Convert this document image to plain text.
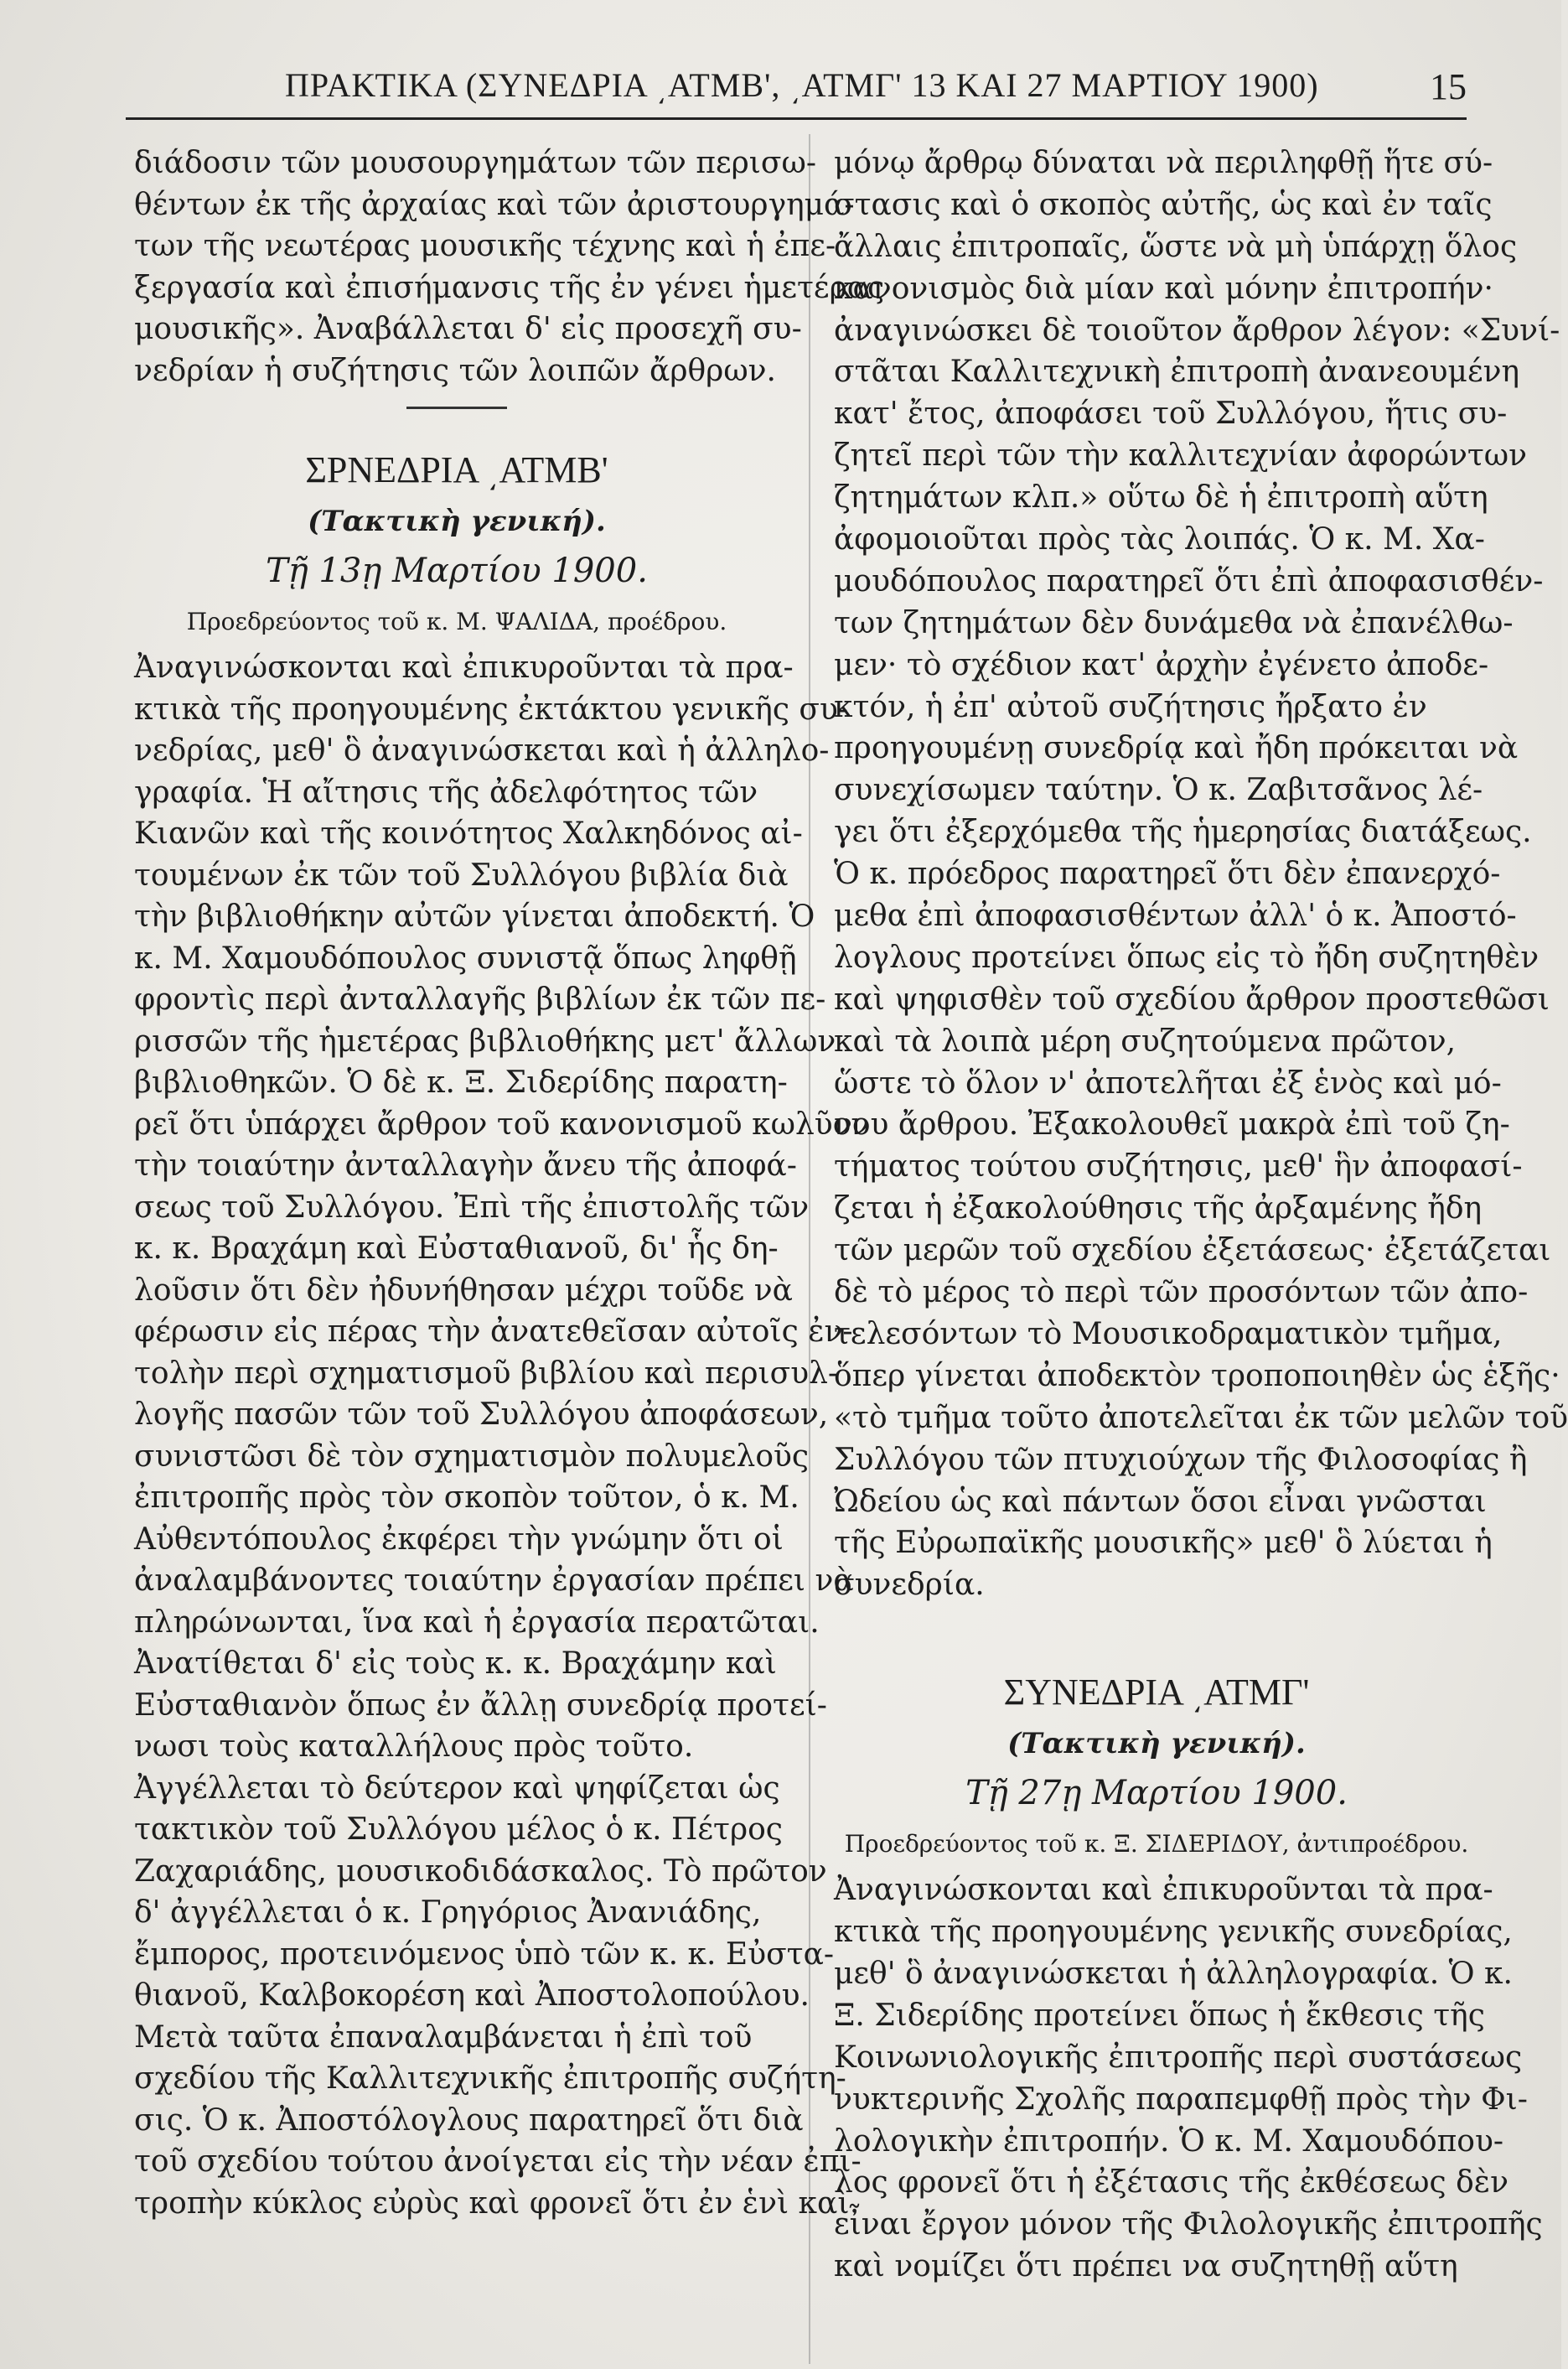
ΠΡΑΚΤΙΚΑ (ΣΥΝΕΔΡΙΑ ͵ΑΤΜΒ', ͵ΑΤΜΓ' 13 ΚΑΙ 27 ΜΑΡΤΙΟΥ 1900)	15
διάδοσιν τῶν μουσουργημάτων τῶν περισω-
θέντων ἐκ τῆς ἀρχαίας καὶ τῶν ἀριστουργημά-
των τῆς νεωτέρας μουσικῆς τέχνης καὶ ἡ ἐπε-
ξεργασία καὶ ἐπισήμανσις τῆς ἐν γένει ἡμετέρας
μουσικῆς». Ἀναβάλλεται δ' εἰς προσεχῆ συ-
νεδρίαν ἡ συζήτησις τῶν λοιπῶν ἄρθρων.
ΣΡΝΕΔΡΙΑ ͵ΑΤΜΒ'
(Τακτικὴ γενική).
Τῇ 13ῃ Μαρτίου 1900.
Προεδρεύοντος τοῦ κ. Μ. ΨΑΛΙΔΑ, προέδρου.
Ἀναγινώσκονται καὶ ἐπικυροῦνται τὰ πρα-
κτικὰ τῆς προηγουμένης ἐκτάκτου γενικῆς συ-
νεδρίας, μεθ' ὃ ἀναγινώσκεται καὶ ἡ ἀλληλο-
γραφία. Ἡ αἴτησις τῆς ἀδελφότητος τῶν
Κιανῶν καὶ τῆς κοινότητος Χαλκηδόνος αἰ-
τουμένων ἐκ τῶν τοῦ Συλλόγου βιβλία διὰ
τὴν βιβλιοθήκην αὐτῶν γίνεται ἀποδεκτή. Ὁ
κ. Μ. Χαμουδόπουλος συνιστᾷ ὅπως ληφθῇ
φροντὶς περὶ ἀνταλλαγῆς βιβλίων ἐκ τῶν πε-
ρισσῶν τῆς ἡμετέρας βιβλιοθήκης μετ' ἄλλων
βιβλιοθηκῶν. Ὁ δὲ κ. Ξ. Σιδερίδης παρατη-
ρεῖ ὅτι ὑπάρχει ἄρθρον τοῦ κανονισμοῦ κωλῦον
τὴν τοιαύτην ἀνταλλαγὴν ἄνευ τῆς ἀποφά-
σεως τοῦ Συλλόγου. Ἐπὶ τῆς ἐπιστολῆς τῶν
κ. κ. Βραχάμη καὶ Εὐσταθιανοῦ, δι' ἧς δη-
λοῦσιν ὅτι δὲν ἠδυνήθησαν μέχρι τοῦδε νὰ
φέρωσιν εἰς πέρας τὴν ἀνατεθεῖσαν αὐτοῖς ἐν-
τολὴν περὶ σχηματισμοῦ βιβλίου καὶ περισυλ-
λογῆς πασῶν τῶν τοῦ Συλλόγου ἀποφάσεων,
συνιστῶσι δὲ τὸν σχηματισμὸν πολυμελοῦς
ἐπιτροπῆς πρὸς τὸν σκοπὸν τοῦτον, ὁ κ. Μ.
Αὐθεντόπουλος ἐκφέρει τὴν γνώμην ὅτι οἱ
ἀναλαμβάνοντες τοιαύτην ἐργασίαν πρέπει νὰ
πληρώνωνται, ἵνα καὶ ἡ ἐργασία περατῶται.
Ἀνατίθεται δ' εἰς τοὺς κ. κ. Βραχάμην καὶ
Εὐσταθιανὸν ὅπως ἐν ἄλλῃ συνεδρίᾳ προτεί-
νωσι τοὺς καταλλήλους πρὸς τοῦτο.
Ἀγγέλλεται τὸ δεύτερον καὶ ψηφίζεται ὡς
τακτικὸν τοῦ Συλλόγου μέλος ὁ κ. Πέτρος
Ζαχαριάδης, μουσικοδιδάσκαλος. Τὸ πρῶτον
δ' ἀγγέλλεται ὁ κ. Γρηγόριος Ἀνανιάδης,
ἔμπορος, προτεινόμενος ὑπὸ τῶν κ. κ. Εὐστα-
θιανοῦ, Καλβοκορέση καὶ Ἀποστολοπούλου.
Μετὰ ταῦτα ἐπαναλαμβάνεται ἡ ἐπὶ τοῦ
σχεδίου τῆς Καλλιτεχνικῆς ἐπιτροπῆς συζήτη-
σις. Ὁ κ. Ἀποστόλογλους παρατηρεῖ ὅτι διὰ
τοῦ σχεδίου τούτου ἀνοίγεται εἰς τὴν νέαν ἐπι-
τροπὴν κύκλος εὐρὺς καὶ φρονεῖ ὅτι ἐν ἑνὶ καὶ
μόνῳ ἄρθρῳ δύναται νὰ περιληφθῇ ἥτε σύ-
στασις καὶ ὁ σκοπὸς αὐτῆς, ὡς καὶ ἐν ταῖς
ἄλλαις ἐπιτροπαῖς, ὥστε νὰ μὴ ὑπάρχῃ ὅλος
κανονισμὸς διὰ μίαν καὶ μόνην ἐπιτροπήν·
ἀναγινώσκει δὲ τοιοῦτον ἄρθρον λέγον: «Συνί-
στᾶται Καλλιτεχνικὴ ἐπιτροπὴ ἀνανεουμένη
κατ' ἔτος, ἀποφάσει τοῦ Συλλόγου, ἥτις συ-
ζητεῖ περὶ τῶν τὴν καλλιτεχνίαν ἀφορώντων
ζητημάτων κλπ.» οὕτω δὲ ἡ ἐπιτροπὴ αὕτη
ἀφομοιοῦται πρὸς τὰς λοιπάς. Ὁ κ. Μ. Χα-
μουδόπουλος παρατηρεῖ ὅτι ἐπὶ ἀποφασισθέν-
των ζητημάτων δὲν δυνάμεθα νὰ ἐπανέλθω-
μεν· τὸ σχέδιον κατ' ἀρχὴν ἐγένετο ἀποδε-
κτόν, ἡ ἐπ' αὐτοῦ συζήτησις ἤρξατο ἐν
προηγουμένῃ συνεδρίᾳ καὶ ἤδη πρόκειται νὰ
συνεχίσωμεν ταύτην. Ὁ κ. Ζαβιτσᾶνος λέ-
γει ὅτι ἐξερχόμεθα τῆς ἡμερησίας διατάξεως.
Ὁ κ. πρόεδρος παρατηρεῖ ὅτι δὲν ἐπανερχό-
μεθα ἐπὶ ἀποφασισθέντων ἀλλ' ὁ κ. Ἀποστό-
λογλους προτείνει ὅπως εἰς τὸ ἤδη συζητηθὲν
καὶ ψηφισθὲν τοῦ σχεδίου ἄρθρον προστεθῶσι
καὶ τὰ λοιπὰ μέρη συζητούμενα πρῶτον,
ὥστε τὸ ὅλον ν' ἀποτελῆται ἐξ ἑνὸς καὶ μό-
νου ἄρθρου. Ἐξακολουθεῖ μακρὰ ἐπὶ τοῦ ζη-
τήματος τούτου συζήτησις, μεθ' ἣν ἀποφασί-
ζεται ἡ ἐξακολούθησις τῆς ἀρξαμένης ἤδη
τῶν μερῶν τοῦ σχεδίου ἐξετάσεως· ἐξετάζεται
δὲ τὸ μέρος τὸ περὶ τῶν προσόντων τῶν ἀπο-
τελεσόντων τὸ Μουσικοδραματικὸν τμῆμα,
ὅπερ γίνεται ἀποδεκτὸν τροποποιηθὲν ὡς ἑξῆς·
«τὸ τμῆμα τοῦτο ἀποτελεῖται ἐκ τῶν μελῶν τοῦ
Συλλόγου τῶν πτυχιούχων τῆς Φιλοσοφίας ἢ
Ὠδείου ὡς καὶ πάντων ὅσοι εἶναι γνῶσται
τῆς Εὐρωπαϊκῆς μουσικῆς» μεθ' ὃ λύεται ἡ
συνεδρία.
ΣΥΝΕΔΡΙΑ ͵ΑΤΜΓ'
(Τακτικὴ γενική).
Τῇ 27ῃ Μαρτίου 1900.
Προεδρεύοντος τοῦ κ. Ξ. ΣΙΔΕΡΙΔΟΥ, ἀντιπροέδρου.
Ἀναγινώσκονται καὶ ἐπικυροῦνται τὰ πρα-
κτικὰ τῆς προηγουμένης γενικῆς συνεδρίας,
μεθ' ὃ ἀναγινώσκεται ἡ ἀλληλογραφία. Ὁ κ.
Ξ. Σιδερίδης προτείνει ὅπως ἡ ἔκθεσις τῆς
Κοινωνιολογικῆς ἐπιτροπῆς περὶ συστάσεως
νυκτερινῆς Σχολῆς παραπεμφθῇ πρὸς τὴν Φι-
λολογικὴν ἐπιτροπήν. Ὁ κ. Μ. Χαμουδόπου-
λος φρονεῖ ὅτι ἡ ἐξέτασις τῆς ἐκθέσεως δὲν
εἶναι ἔργον μόνον τῆς Φιλολογικῆς ἐπιτροπῆς
καὶ νομίζει ὅτι πρέπει να συζητηθῇ αὕτη
